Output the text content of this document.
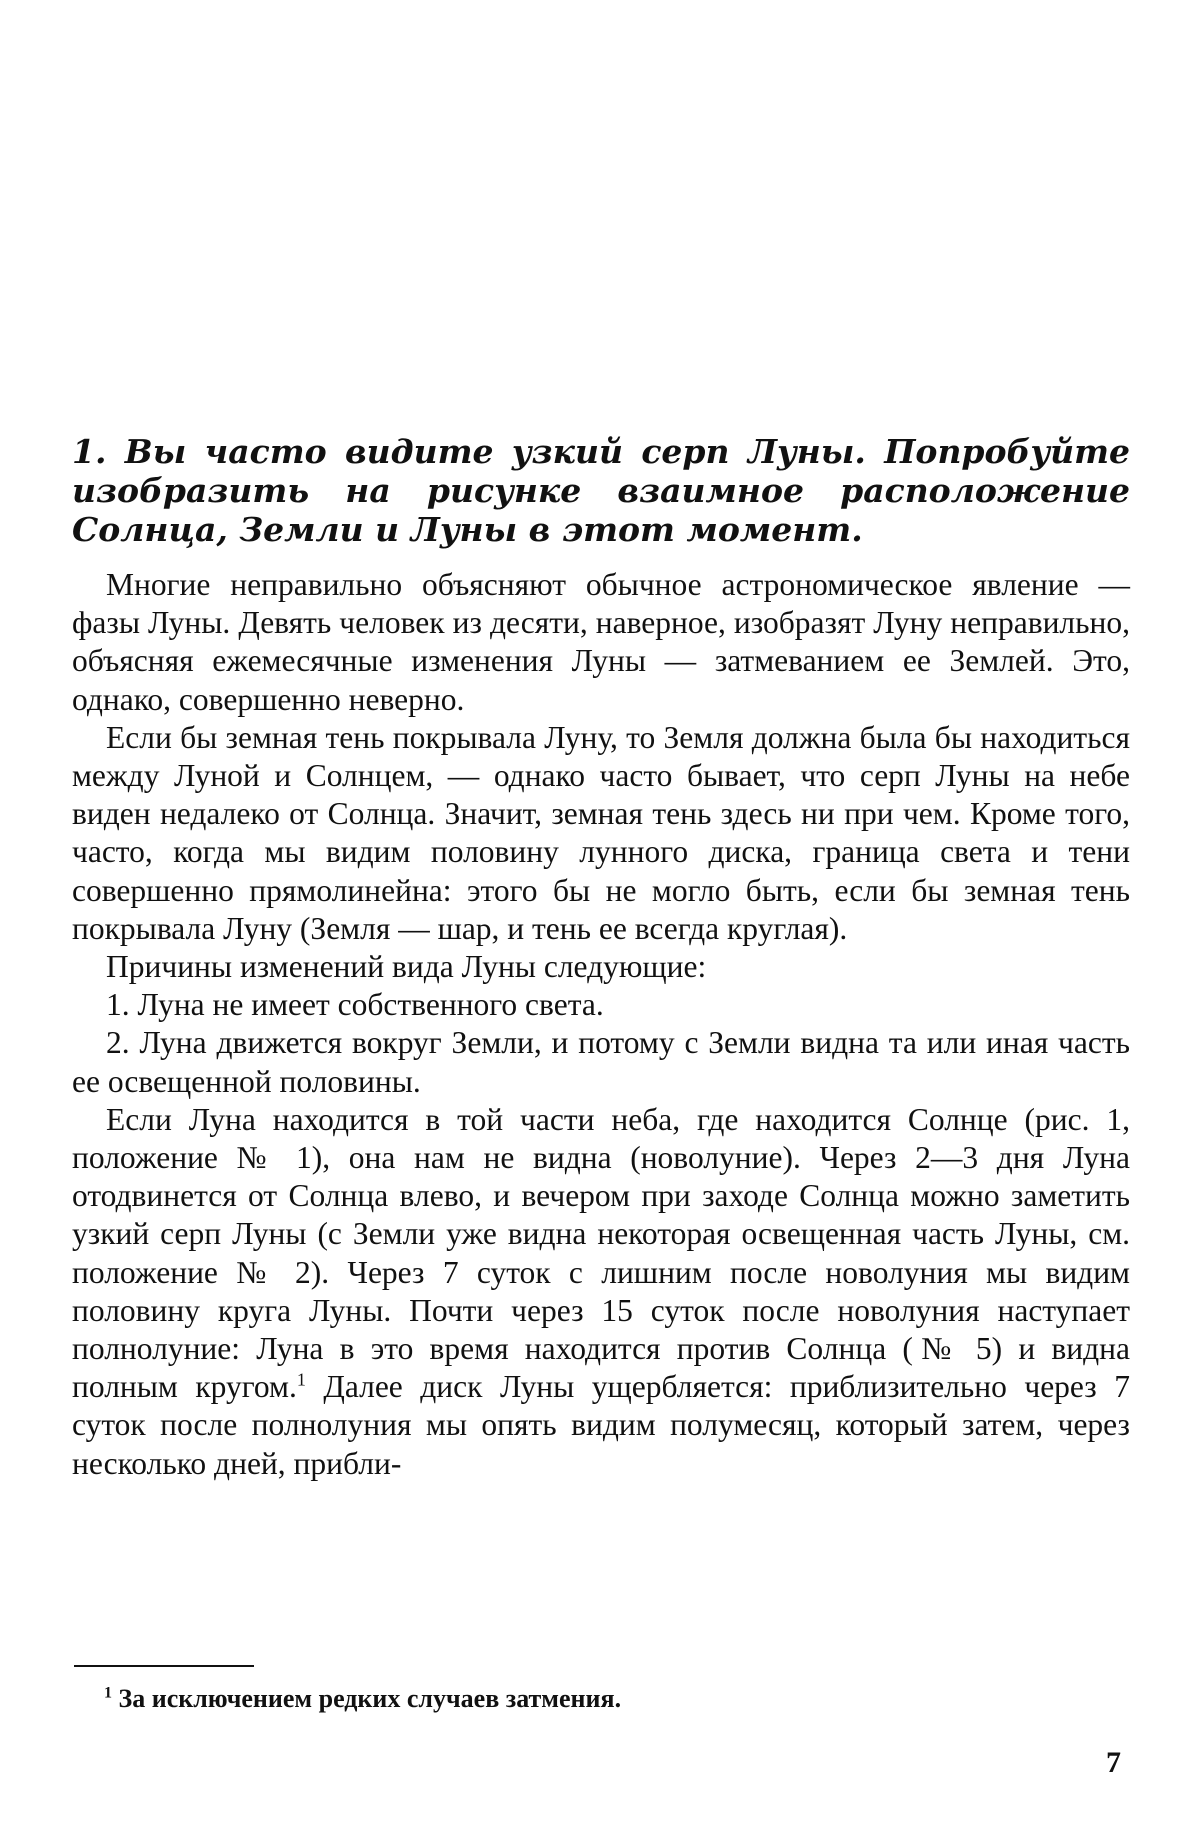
1. Вы часто видите узкий серп Луны. Попробуйте изобразить на рисунке взаимное расположение Солнца, Земли и Луны в этот момент.

Многие неправильно объясняют обычное астрономическое явление — фазы Луны. Девять человек из десяти, наверное, изобразят Луну неправильно, объясняя ежемесячные изменения Луны — затмеванием ее Землей. Это, однако, совершенно неверно.

Если бы земная тень покрывала Луну, то Земля должна была бы находиться между Луной и Солнцем, — однако часто бывает, что серп Луны на небе виден недалеко от Солнца. Значит, земная тень здесь ни при чем. Кроме того, часто, когда мы видим половину лунного диска, граница света и тени совершенно прямолинейна: этого бы не могло быть, если бы земная тень покрывала Луну (Земля — шар, и тень ее всегда круглая).

Причины изменений вида Луны следующие:

1. Луна не имеет собственного света.

2. Луна движется вокруг Земли, и потому с Земли видна та или иная часть ее освещенной половины.

Если Луна находится в той части неба, где находится Солнце (рис. 1, положение № 1), она нам не видна (новолуние). Через 2—3 дня Луна отодвинется от Солнца влево, и вечером при заходе Солнца можно заметить узкий серп Луны (с Земли уже видна некоторая освещенная часть Луны, см. положение № 2). Через 7 суток с лишним после новолуния мы видим половину круга Луны. Почти через 15 суток после новолуния наступает полнолуние: Луна в это время находится против Солнца (№ 5) и видна полным кругом.$^1$ Далее диск Луны ущербляется: приблизительно через 7 суток после полнолуния мы опять видим полумесяц, который затем, через несколько дней, прибли-

$^1$ За исключением редких случаев затмения.

7
